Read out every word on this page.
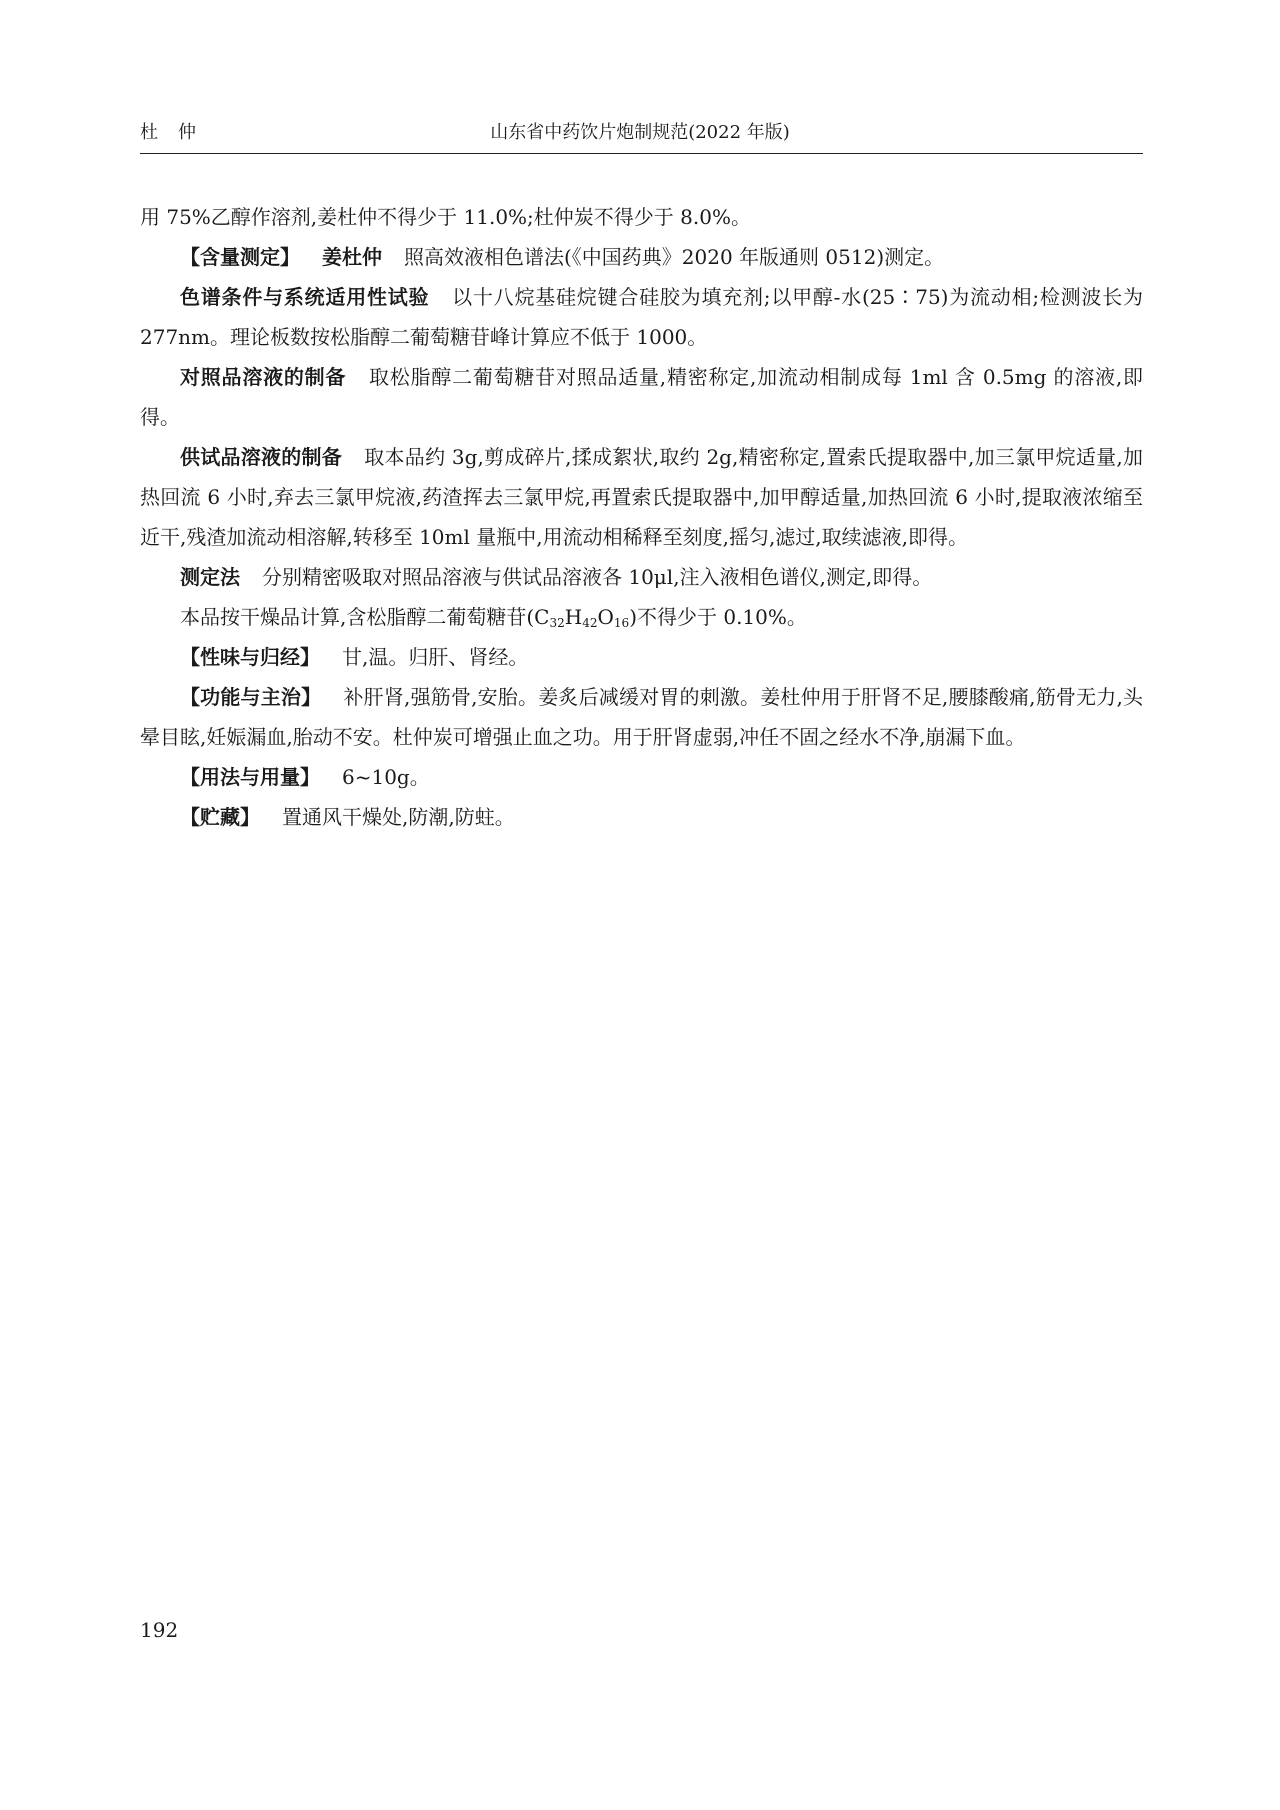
杜仲	山东省中药饮片炮制规范(2022 年版)

用 75%乙醇作溶剂,姜杜仲不得少于 11.0%;杜仲炭不得少于 8.0%。

【含量测定】 姜杜仲 照高效液相色谱法(《中国药典》2020 年版通则 0512)测定。

色谱条件与系统适用性试验 以十八烷基硅烷键合硅胶为填充剂;以甲醇-水(25∶75)为流动相;检测波长为 277nm。理论板数按松脂醇二葡萄糖苷峰计算应不低于 1000。

对照品溶液的制备 取松脂醇二葡萄糖苷对照品适量,精密称定,加流动相制成每 1ml 含 0.5mg 的溶液,即得。

供试品溶液的制备 取本品约 3g,剪成碎片,揉成絮状,取约 2g,精密称定,置索氏提取器中,加三氯甲烷适量,加热回流 6 小时,弃去三氯甲烷液,药渣挥去三氯甲烷,再置索氏提取器中,加甲醇适量,加热回流 6 小时,提取液浓缩至近干,残渣加流动相溶解,转移至 10ml 量瓶中,用流动相稀释至刻度,摇匀,滤过,取续滤液,即得。

测定法 分别精密吸取对照品溶液与供试品溶液各 10μl,注入液相色谱仪,测定,即得。

本品按干燥品计算,含松脂醇二葡萄糖苷$(C_{32}H_{42}O_{16})$不得少于 0.10%。

【性味与归经】 甘,温。归肝、肾经。

【功能与主治】 补肝肾,强筋骨,安胎。姜炙后减缓对胃的刺激。姜杜仲用于肝肾不足,腰膝酸痛,筋骨无力,头晕目眩,妊娠漏血,胎动不安。杜仲炭可增强止血之功。用于肝肾虚弱,冲任不固之经水不净,崩漏下血。

【用法与用量】 6~10g。

【贮藏】 置通风干燥处,防潮,防蛀。

192
